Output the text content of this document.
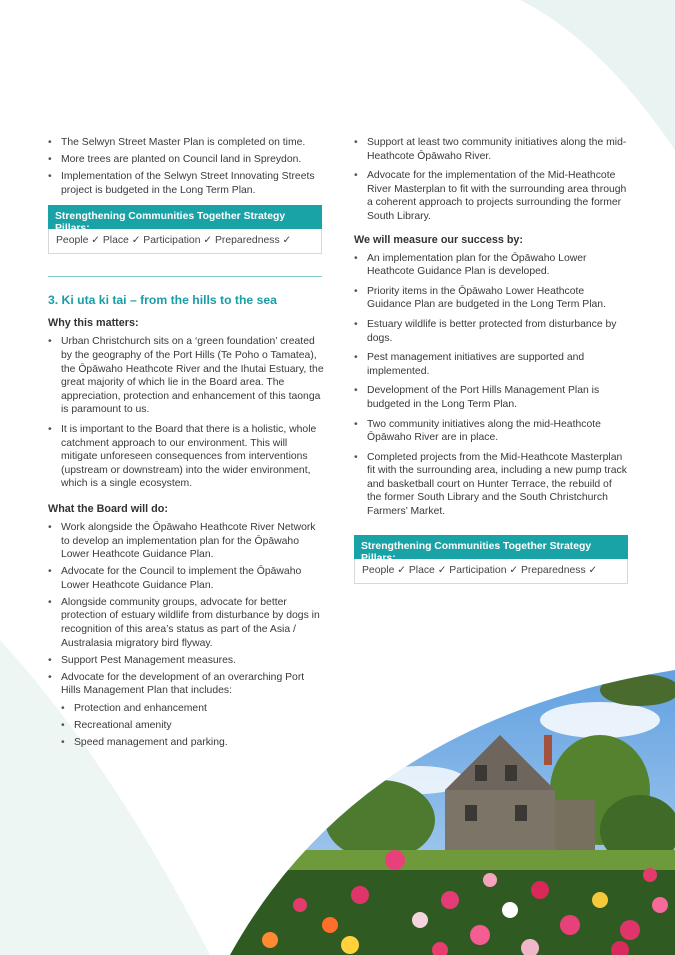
• The Selwyn Street Master Plan is completed on time.
• More trees are planted on Council land in Spreydon.
• Implementation of the Selwyn Street Innovating Streets project is budgeted in the Long Term Plan.
Strengthening Communities Together Strategy Pillars:
People ✓ Place ✓ Participation ✓ Preparedness ✓
3. Ki uta ki tai – from the hills to the sea
Why this matters:
• Urban Christchurch sits on a ‘green foundation’ created by the geography of the Port Hills (Te Poho o Tamatea), the Ōpāwaho Heathcote River and the Ihutai Estuary, the great majority of which lie in the Board area. The appreciation, protection and enhancement of this taonga is paramount to us.
• It is important to the Board that there is a holistic, whole catchment approach to our environment. This will mitigate unforeseen consequences from interventions (upstream or downstream) into the wider environment, which is a single ecosystem.
What the Board will do:
• Work alongside the Ōpāwaho Heathcote River Network to develop an implementation plan for the Ōpāwaho Lower Heathcote Guidance Plan.
• Advocate for the Council to implement the Ōpāwaho Lower Heathcote Guidance Plan.
• Alongside community groups, advocate for better protection of estuary wildlife from disturbance by dogs in recognition of this area’s status as part of the Asia / Australasia migratory bird flyway.
• Support Pest Management measures.
• Advocate for the development of an overarching Port Hills Management Plan that includes:
• Protection and enhancement
• Recreational amenity
• Speed management and parking.
• Support at least two community initiatives along the mid-Heathcote Ōpāwaho River.
• Advocate for the implementation of the Mid-Heathcote River Masterplan to fit with the surrounding area through a coherent approach to projects surrounding the former South Library.
We will measure our success by:
• An implementation plan for the Ōpāwaho Lower Heathcote Guidance Plan is developed.
• Priority items in the Ōpāwaho Lower Heathcote Guidance Plan are budgeted in the Long Term Plan.
• Estuary wildlife is better protected from disturbance by dogs.
• Pest management initiatives are supported and implemented.
• Development of the Port Hills Management Plan is budgeted in the Long Term Plan.
• Two community initiatives along the mid-Heathcote Ōpāwaho River are in place.
• Completed projects from the Mid-Heathcote Masterplan fit with the surrounding area, including a new pump track and basketball court on Hunter Terrace, the rebuild of the former South Library and the South Christchurch Farmers’ Market.
Strengthening Communities Together Strategy Pillars:
People ✓ Place ✓ Participation ✓ Preparedness ✓
